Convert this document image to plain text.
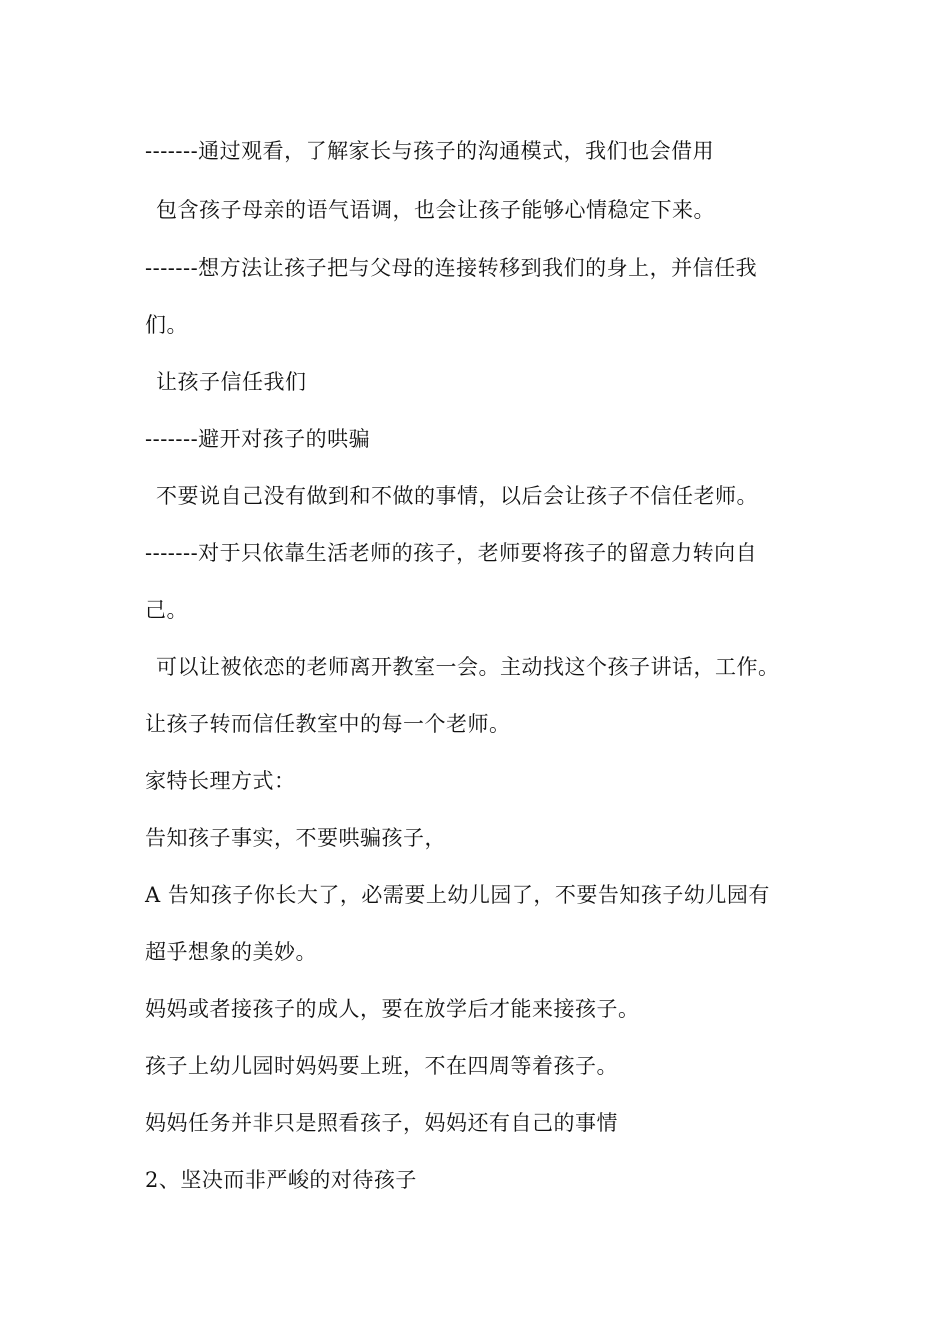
-------通过观看，了解家长与孩子的沟通模式，我们也会借用
包含孩子母亲的语气语调，也会让孩子能够心情稳定下来。
-------想方法让孩子把与父母的连接转移到我们的身上，并信任我
们。
让孩子信任我们
-------避开对孩子的哄骗
不要说自己没有做到和不做的事情，以后会让孩子不信任老师。
-------对于只依靠生活老师的孩子，老师要将孩子的留意力转向自
己。
可以让被依恋的老师离开教室一会。主动找这个孩子讲话，工作。
让孩子转而信任教室中的每一个老师。
家特长理方式：
告知孩子事实，不要哄骗孩子，
A 告知孩子你长大了，必需要上幼儿园了，不要告知孩子幼儿园有
超乎想象的美妙。
妈妈或者接孩子的成人，要在放学后才能来接孩子。
孩子上幼儿园时妈妈要上班，不在四周等着孩子。
妈妈任务并非只是照看孩子，妈妈还有自己的事情
2、坚决而非严峻的对待孩子
